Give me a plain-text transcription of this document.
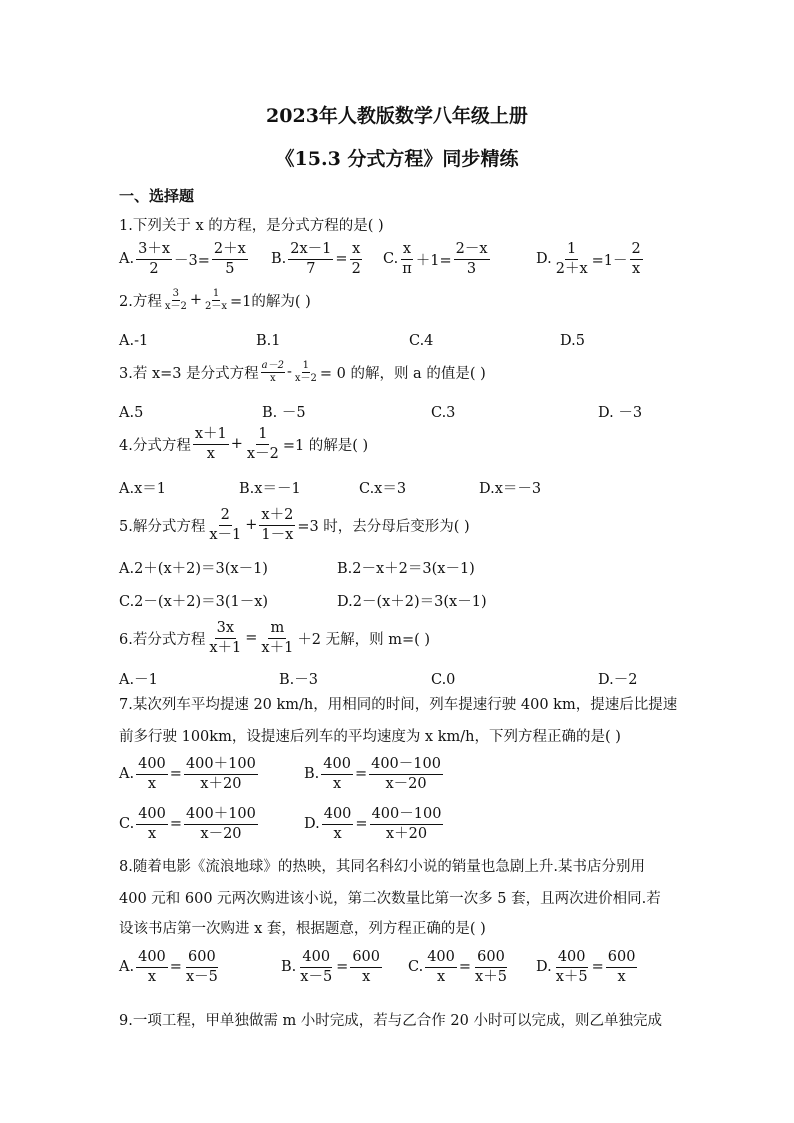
2023年人教版数学八年级上册
《15.3 分式方程》同步精练
一、选择题
1.下列关于 x 的方程，是分式方程的是( )
A. $\frac{3+x}{2} -3= \frac{2+x}{5} B$. $\frac{2x-1}{7} = \frac{x}{2} C$. $\frac{x}{\pi} +1= \frac{2-x}{3}$	D. $\frac{1}{2+x} =1- \frac{2}{x}$
2.方程 $\frac{3}{x-2} + \frac{1}{2-x} =1$的解为( )
A.-1	B.1	C.4	D.5
3.若 x=3 是分式方程 $\frac{a-2}{x} - \frac{1}{x-2} = 0$ 的解，则 a 的值是( )
A.5	B. －5	C.3	D. －3
4.分式方程 $\frac{x+1}{x} + \frac{1}{x-2} =1$ 的解是( )
A.x＝1	B.x＝－1	C.x＝3	D.x＝－3
5.解分式方程 $\frac{2}{x-1} + \frac{x+2}{1-x} =3$ 时，去分母后变形为( )
A.2＋(x＋2)＝3(x－1)	B.2－x＋2＝3(x－1)
C.2－(x＋2)＝3(1－x)	D.2－(x＋2)＝3(x－1)
6.若分式方程 $\frac{3x}{x+1} = \frac{m}{x+1} +2$ 无解，则 m=( )
A.－1	B.－3	C.0	D.－2
7.某次列车平均提速 20 km/h，用相同的时间，列车提速行驶 400 km，提速后比提速
前多行驶 100km，设提速后列车的平均速度为 x km/h，下列方程正确的是( )
A. $\frac{400}{x} = \frac{400+100}{x+20}$	B. $\frac{400}{x} = \frac{400-100}{x-20}$
C. $\frac{400}{x} = \frac{400+100}{x-20}$	D. $\frac{400}{x} = \frac{400-100}{x+20}$
8.随着电影《流浪地球》的热映，其同名科幻小说的销量也急剧上升.某书店分别用
400 元和 600 元两次购进该小说，第二次数量比第一次多 5 套，且两次进价相同.若
设该书店第一次购进 x 套，根据题意，列方程正确的是( )
A. $\frac{400}{x} = \frac{600}{x-5}$	B. $\frac{400}{x-5} = \frac{600}{x} C$. $\frac{400}{x} = \frac{600}{x+5} D$. $\frac{400}{x+5} = \frac{600}{x}$
9.一项工程，甲单独做需 m 小时完成，若与乙合作 20 小时可以完成，则乙单独完成
